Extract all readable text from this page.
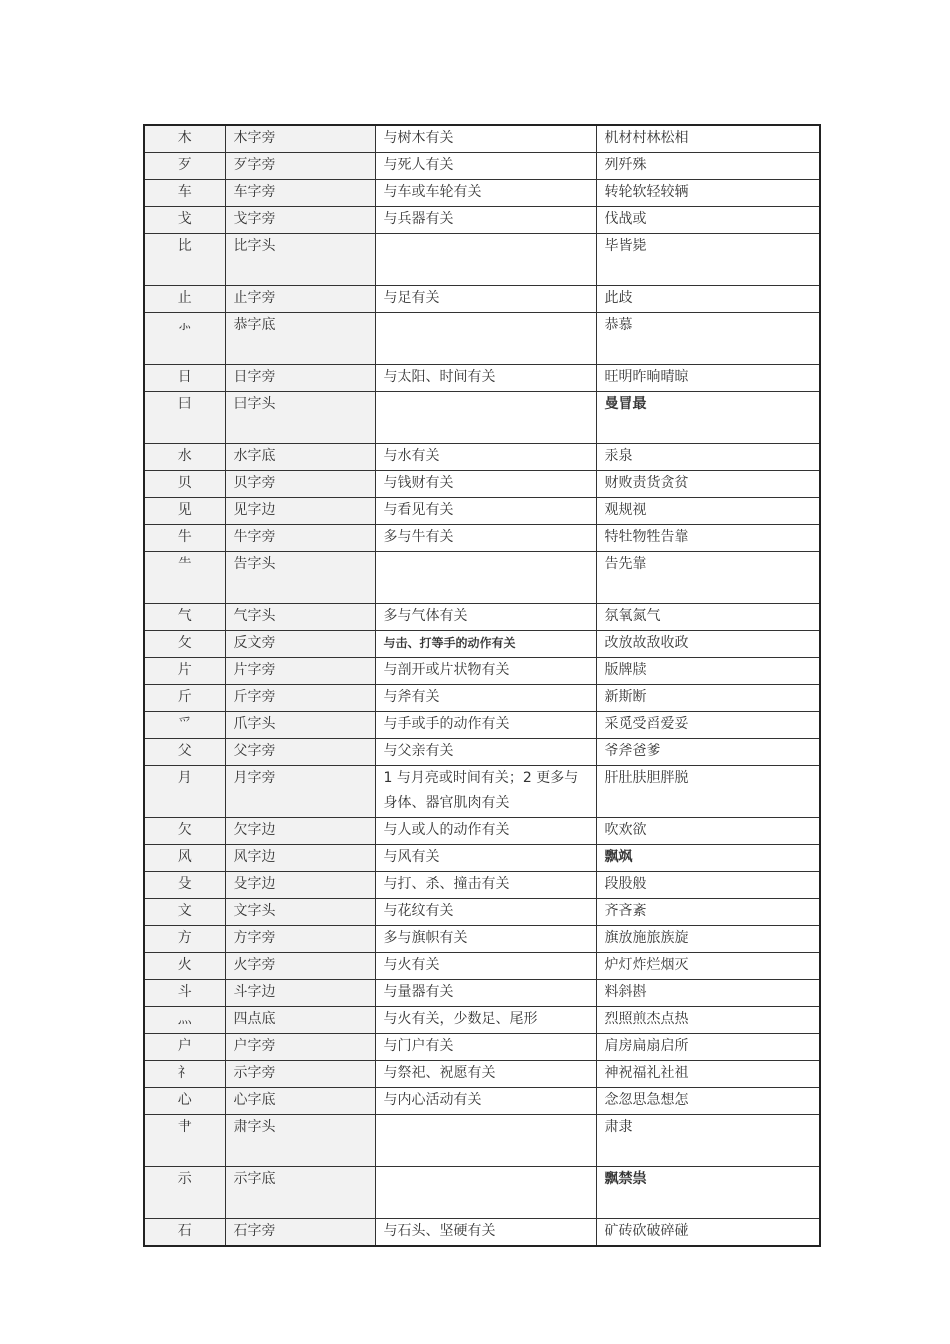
木	木字旁	与树木有关	机材村林松相
歹	歹字旁	与死人有关	列歼殊
车	车字旁	与车或车轮有关	转轮软轻较辆
戈	戈字旁	与兵器有关	伐战或
比	比字头		毕皆毙
止	止字旁	与足有关	此歧
⺗	恭字底		恭慕
日	日字旁	与太阳、时间有关	旺明昨晌晴晾
曰	曰字头		曼冒最
水	水字底	与水有关	汞泉
贝	贝字旁	与钱财有关	财败责货贪贫
见	见字边	与看见有关	观规视
牛	牛字旁	多与牛有关	特牡物牲告靠
⺧	告字头		告先靠
气	气字头	多与气体有关	氛氧氮气
攵	反文旁	与击、打等手的动作有关	改放故敌收政
片	片字旁	与剖开或片状物有关	版牌牍
斤	斤字旁	与斧有关	新斯断
爫	爪字头	与手或手的动作有关	采觅受舀爱妥
父	父字旁	与父亲有关	爷斧爸爹
月	月字旁	1 与月亮或时间有关；2 更多与身体、器官肌肉有关	肝肚肤胆胖脱
欠	欠字边	与人或人的动作有关	吹欢欲
风	风字边	与风有关	飘飒
殳	殳字边	与打、杀、撞击有关	段股般
文	文字头	与花纹有关	齐吝紊
方	方字旁	多与旗帜有关	旗放施旅族旋
火	火字旁	与火有关	炉灯炸烂烟灭
斗	斗字边	与量器有关	料斜斟
灬	四点底	与火有关，少数足、尾形	烈照煎杰点热
户	户字旁	与门户有关	肩房扁扇启所
礻	示字旁	与祭祀、祝愿有关	神祝福礼社祖
心	心字底	与内心活动有关	念忽思急想怎
肀	肃字头		肃隶
示	示字底		飘禁祟
石	石字旁	与石头、坚硬有关	矿砖砍破碎碰
